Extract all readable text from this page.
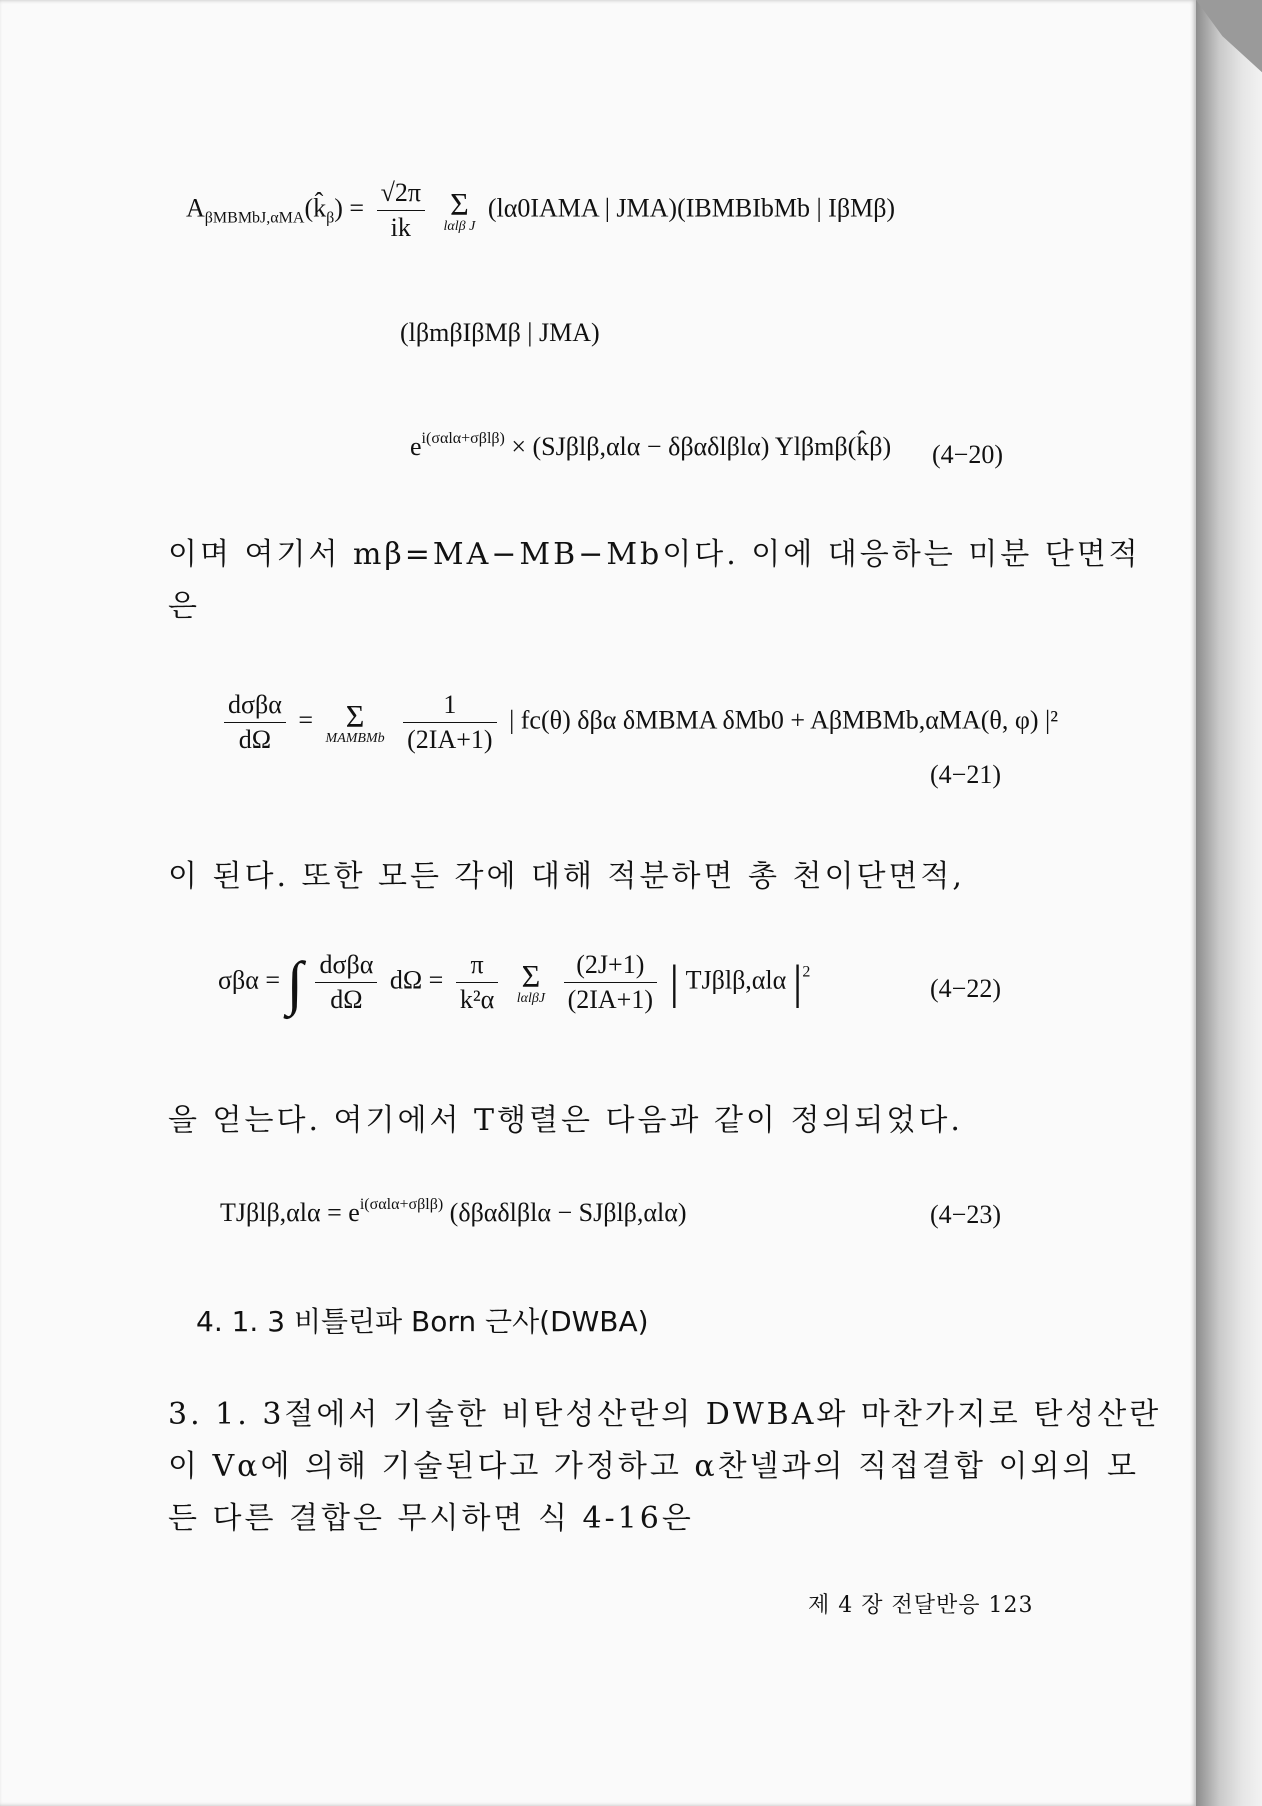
$A_{\beta MBMbJ,\alpha MA}(k̂_\beta) = \frac{√2\pi}{ik}$
Σ
lαlβ J
(lα0IAMA | JMA)(IBMBIbMb | IβMβ)
(lβmβIβMβ | JMA)
$e^{i(\sigma\alpha l\alpha+\sigma\beta l\beta)} \times (SJ\beta l\beta,\alpha l\alpha - \delta\beta\alpha\delta l\beta l\alpha)$ Ylβmβ(k̂β) (4−20)
이며 여기서 mβ=MA−MB−Mb이다. 이에 대응하는 미분 단면적
은
$\frac{\text{dσβα}}{d\Omega} = \Sigma$
MAMBMb
$\frac{1}{(2IA+1)}$ | fc(θ) δβα δMBMA δMb0 + AβMBMb,αMA(θ, φ) |²
(4−21)
이 된다. 또한 모든 각에 대해 적분하면 총 천이단면적,
σβα = ∫ $\frac{\text{dσβα}}{d\Omega}$ $d\Omega = \frac{\pi}{\text{k²α}}$
Σ
lαlβJ
$\frac{(2J+1)}{(2IA+1)}$ | TJβlβ,αlα $|^2$
(4−22)
을 얻는다. 여기에서 T행렬은 다음과 같이 정의되었다.
$TJ\beta l\beta,\alpha l\alpha = e^{i(\sigma\alpha l\alpha+\sigma\beta l\beta)}$ (δβαδlβlα − SJβlβ,αlα)	(4−23)
4. 1. 3 비틀린파 Born 근사(DWBA)
3. 1. 3절에서 기술한 비탄성산란의 DWBA와 마찬가지로 탄성산란
이 Vα에 의해 기술된다고 가정하고 α찬넬과의 직접결합 이외의 모
든 다른 결합은 무시하면 식 4-16은
제 4 장 전달반응 123
